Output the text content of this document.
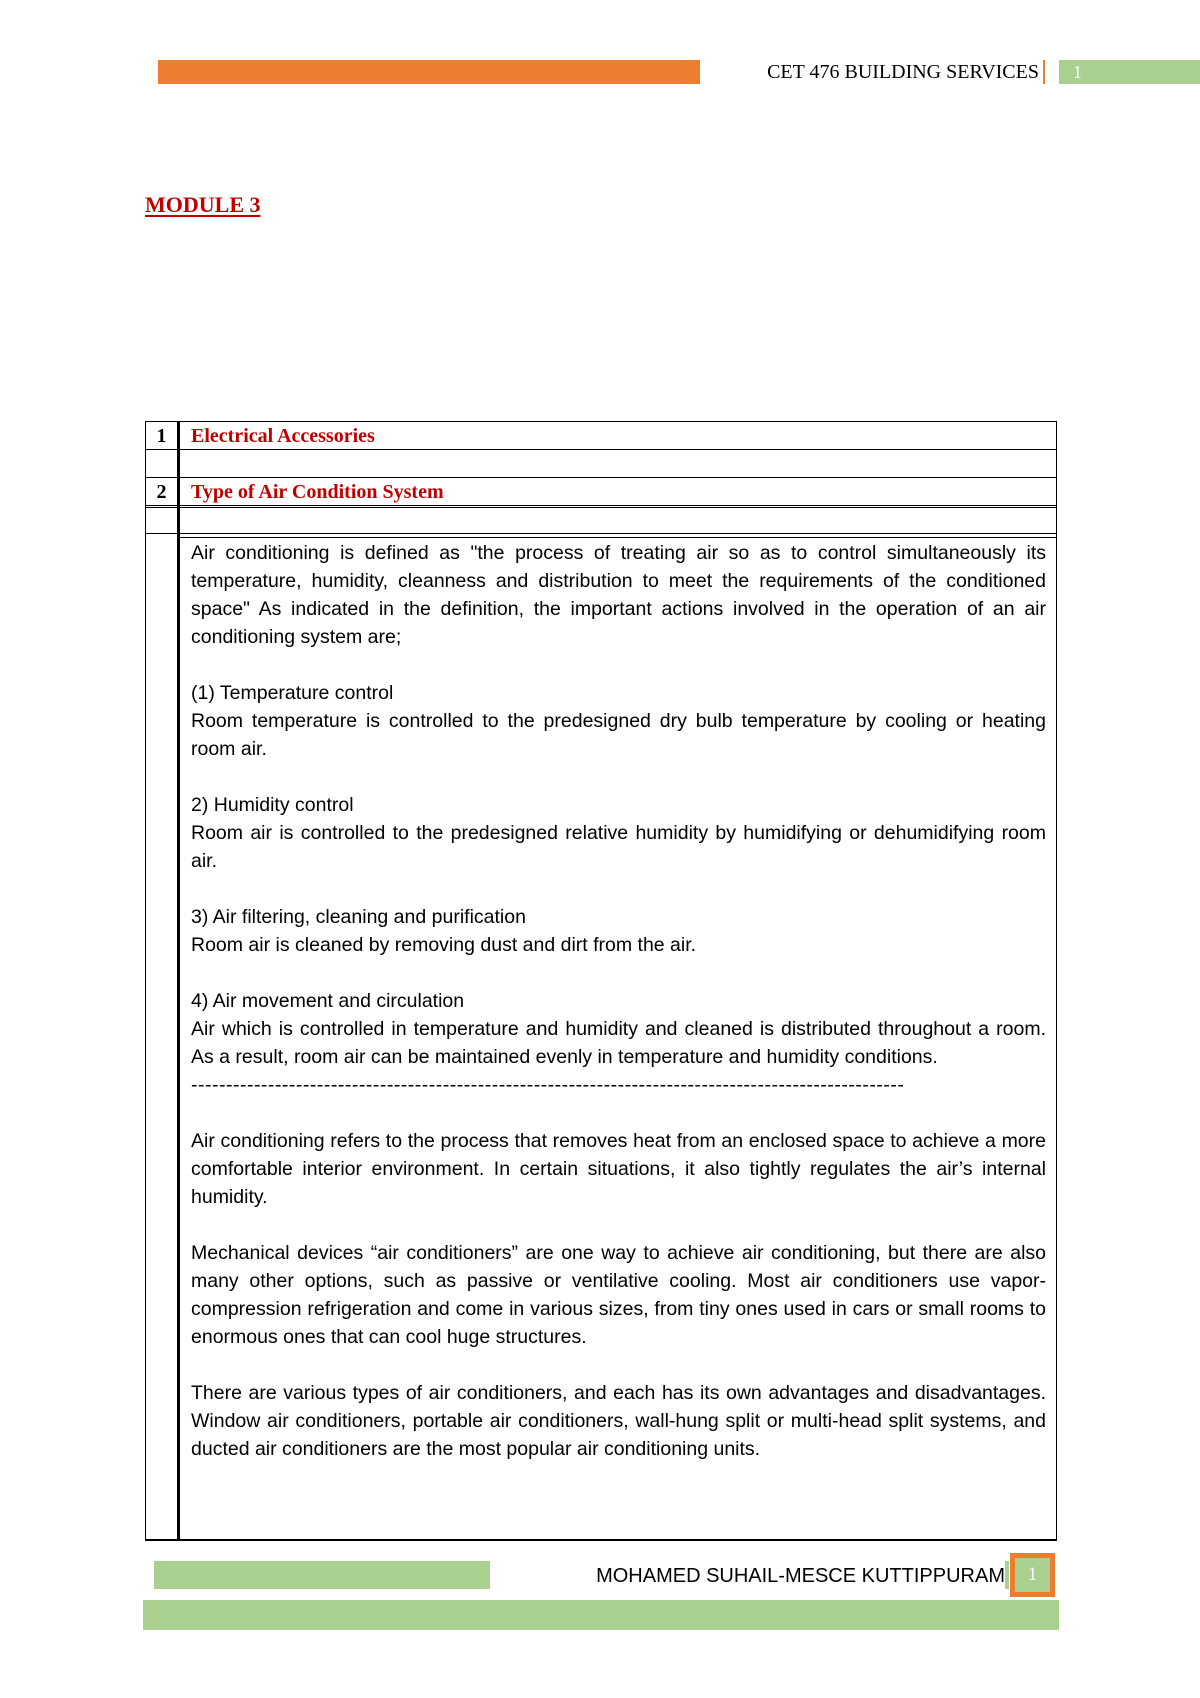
CET 476 BUILDING SERVICES	1
MODULE 3
1	Electrical Accessories
2	Type of Air Condition System

Air conditioning is defined as "the process of treating air so as to control simultaneously its temperature, humidity, cleanness and distribution to meet the requirements of the conditioned space" As indicated in the definition, the important actions involved in the operation of an air conditioning system are;

(1) Temperature control

Room temperature is controlled to the predesigned dry bulb temperature by cooling or heating room air.

2) Humidity control

Room air is controlled to the predesigned relative humidity by humidifying or dehumidifying room air.

3) Air filtering, cleaning and purification

Room air is cleaned by removing dust and dirt from the air.

4) Air movement and circulation

Air which is controlled in temperature and humidity and cleaned is distributed throughout a room. As a result, room air can be maintained evenly in temperature and humidity conditions.

------------------------------------------------------------------------------------------------------

Air conditioning refers to the process that removes heat from an enclosed space to achieve a more comfortable interior environment. In certain situations, it also tightly regulates the air’s internal humidity.

Mechanical devices “air conditioners” are one way to achieve air conditioning, but there are also many other options, such as passive or ventilative cooling. Most air conditioners use vapor-compression refrigeration and come in various sizes, from tiny ones used in cars or small rooms to enormous ones that can cool huge structures.

There are various types of air conditioners, and each has its own advantages and disadvantages. Window air conditioners, portable air conditioners, wall-hung split or multi-head split systems, and ducted air conditioners are the most popular air conditioning units.

MOHAMED SUHAIL-MESCE KUTTIPPURAM	1
